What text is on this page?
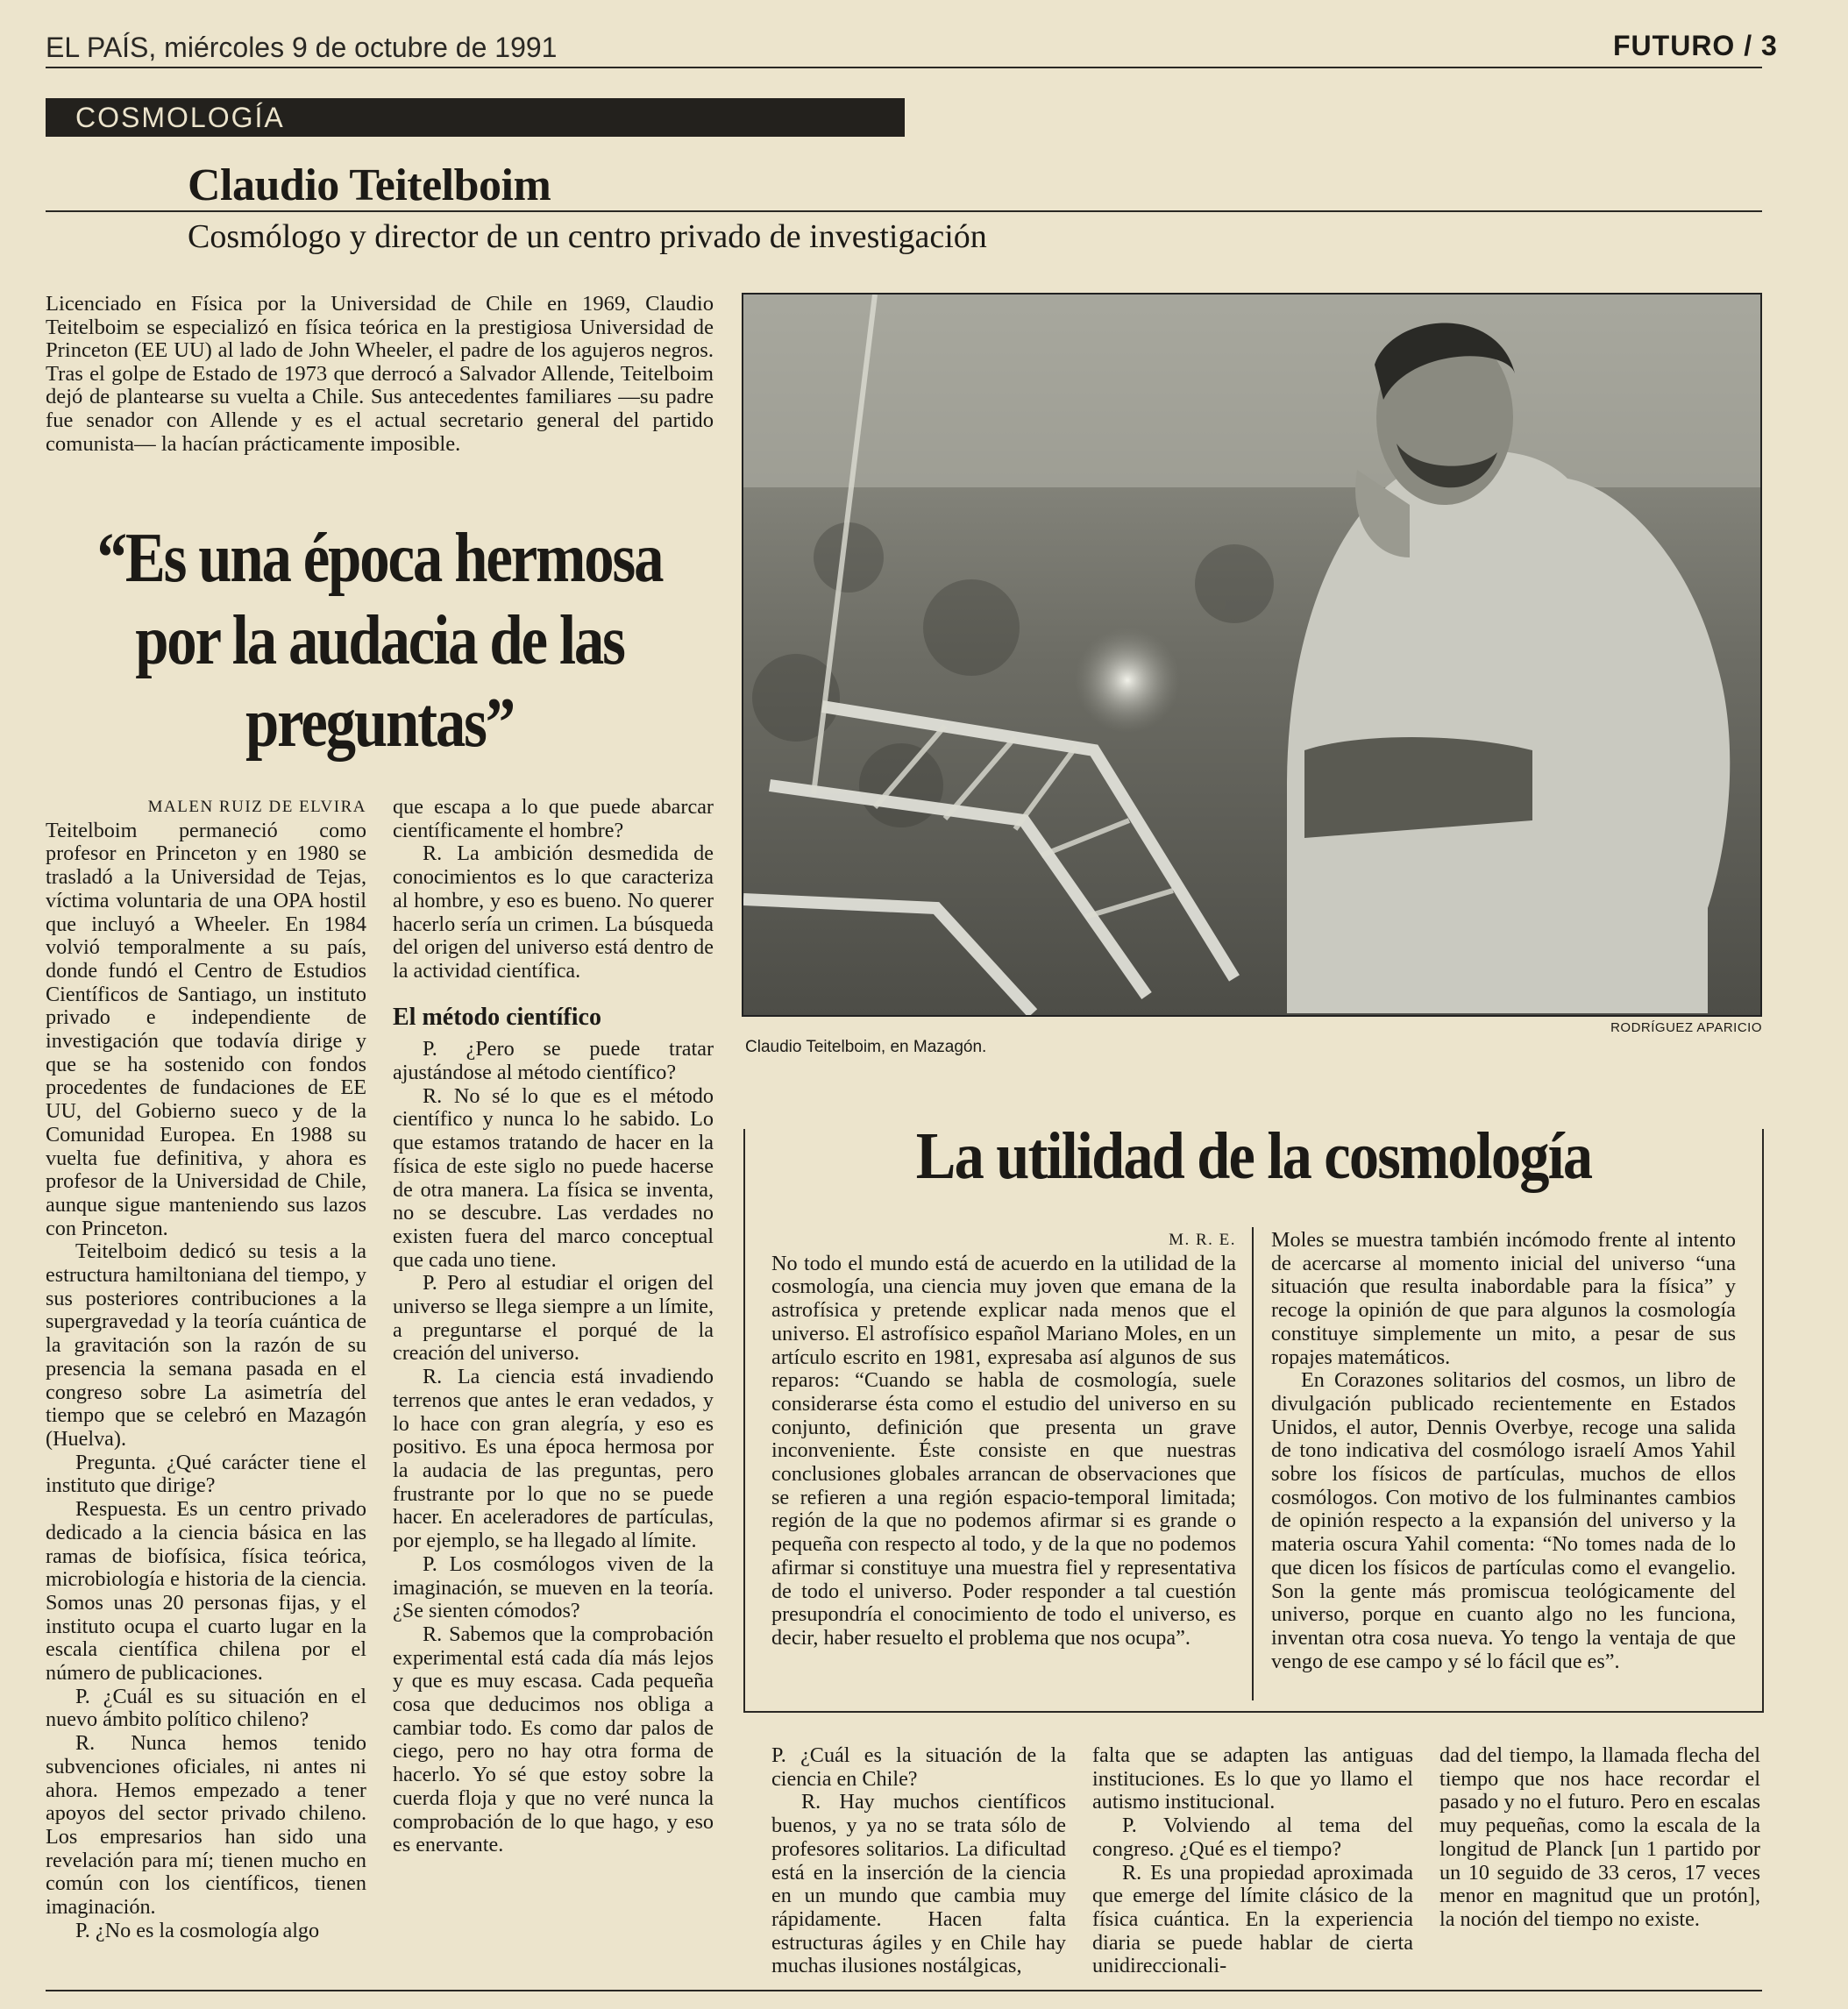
EL PAÍS, miércoles 9 de octubre de 1991	FUTURO / 3

COSMOLOGÍA
Claudio Teitelboim
Cosmólogo y director de un centro privado de investigación
Licenciado en Física por la Universidad de Chile en 1969, Claudio Teitelboim se especializó en física teórica en la prestigiosa Universidad de Princeton (EE UU) al lado de John Wheeler, el padre de los agujeros negros. Tras el golpe de Estado de 1973 que derrocó a Salvador Allende, Teitelboim dejó de plantearse su vuelta a Chile. Sus antecedentes familiares —su padre fue senador con Allende y es el actual secretario general del partido comunista— la hacían prácticamente imposible.
“Es una época hermosa por la audacia de las preguntas”

MALEN RUIZ DE ELVIRA

Teitelboim permaneció como profesor en Princeton y en 1980 se trasladó a la Universidad de Tejas, víctima voluntaria de una OPA hostil que incluyó a Wheeler. En 1984 volvió temporalmente a su país, donde fundó el Centro de Estudios Científicos de Santiago, un instituto privado e independiente de investigación que todavía dirige y que se ha sostenido con fondos procedentes de fundaciones de EE UU, del Gobierno sueco y de la Comunidad Europea. En 1988 su vuelta fue definitiva, y ahora es profesor de la Universidad de Chile, aunque sigue manteniendo sus lazos con Princeton.

Teitelboim dedicó su tesis a la estructura hamiltoniana del tiempo, y sus posteriores contribuciones a la supergravedad y la teoría cuántica de la gravitación son la razón de su presencia la semana pasada en el congreso sobre La asimetría del tiempo que se celebró en Mazagón (Huelva).

Pregunta. ¿Qué carácter tiene el instituto que dirige?

Respuesta. Es un centro privado dedicado a la ciencia básica en las ramas de biofísica, física teórica, microbiología e historia de la ciencia. Somos unas 20 personas fijas, y el instituto ocupa el cuarto lugar en la escala científica chilena por el número de publicaciones.

P. ¿Cuál es su situación en el nuevo ámbito político chileno?

R. Nunca hemos tenido subvenciones oficiales, ni antes ni ahora. Hemos empezado a tener apoyos del sector privado chileno. Los empresarios han sido una revelación para mí; tienen mucho en común con los científicos, tienen imaginación.

P. ¿No es la cosmología algo

que escapa a lo que puede abarcar científicamente el hombre?

R. La ambición desmedida de conocimientos es lo que caracteriza al hombre, y eso es bueno. No querer hacerlo sería un crimen. La búsqueda del origen del universo está dentro de la actividad científica.

El método científico

P. ¿Pero se puede tratar ajustándose al método científico?

R. No sé lo que es el método científico y nunca lo he sabido. Lo que estamos tratando de hacer en la física de este siglo no puede hacerse de otra manera. La física se inventa, no se descubre. Las verdades no existen fuera del marco conceptual que cada uno tiene.

P. Pero al estudiar el origen del universo se llega siempre a un límite, a preguntarse el porqué de la creación del universo.

R. La ciencia está invadiendo terrenos que antes le eran vedados, y lo hace con gran alegría, y eso es positivo. Es una época hermosa por la audacia de las preguntas, pero frustrante por lo que no se puede hacer. En aceleradores de partículas, por ejemplo, se ha llegado al límite.

P. Los cosmólogos viven de la imaginación, se mueven en la teoría. ¿Se sienten cómodos?

R. Sabemos que la comprobación experimental está cada día más lejos y que es muy escasa. Cada pequeña cosa que deducimos nos obliga a cambiar todo. Es como dar palos de ciego, pero no hay otra forma de hacerlo. Yo sé que estoy sobre la cuerda floja y que no veré nunca la comprobación de lo que hago, y eso es enervante.

RODRÍGUEZ APARICIO
Claudio Teitelboim, en Mazagón.
La utilidad de la cosmología

M. R. E.

No todo el mundo está de acuerdo en la utilidad de la cosmología, una ciencia muy joven que emana de la astrofísica y pretende explicar nada menos que el universo. El astrofísico español Mariano Moles, en un artículo escrito en 1981, expresaba así algunos de sus reparos: “Cuando se habla de cosmología, suele considerarse ésta como el estudio del universo en su conjunto, definición que presenta un grave inconveniente. Éste consiste en que nuestras conclusiones globales arrancan de observaciones que se refieren a una región espacio-temporal limitada; región de la que no podemos afirmar si es grande o pequeña con respecto al todo, y de la que no podemos afirmar si constituye una muestra fiel y representativa de todo el universo. Poder responder a tal cuestión presupondría el conocimiento de todo el universo, es decir, haber resuelto el problema que nos ocupa”.

Moles se muestra también incómodo frente al intento de acercarse al momento inicial del universo “una situación que resulta inabordable para la física” y recoge la opinión de que para algunos la cosmología constituye simplemente un mito, a pesar de sus ropajes matemáticos.

En Corazones solitarios del cosmos, un libro de divulgación publicado recientemente en Estados Unidos, el autor, Dennis Overbye, recoge una salida de tono indicativa del cosmólogo israelí Amos Yahil sobre los físicos de partículas, muchos de ellos cosmólogos. Con motivo de los fulminantes cambios de opinión respecto a la expansión del universo y la materia oscura Yahil comenta: “No tomes nada de lo que dicen los físicos de partículas como el evangelio. Son la gente más promiscua teológicamente del universo, porque en cuanto algo no les funciona, inventan otra cosa nueva. Yo tengo la ventaja de que vengo de ese campo y sé lo fácil que es”.

P. ¿Cuál es la situación de la ciencia en Chile?

R. Hay muchos científicos buenos, y ya no se trata sólo de profesores solitarios. La dificultad está en la inserción de la ciencia en un mundo que cambia muy rápidamente. Hacen falta estructuras ágiles y en Chile hay muchas ilusiones nostálgicas,

falta que se adapten las antiguas instituciones. Es lo que yo llamo el autismo institucional.

P. Volviendo al tema del congreso. ¿Qué es el tiempo?

R. Es una propiedad aproximada que emerge del límite clásico de la física cuántica. En la experiencia diaria se puede hablar de cierta unidireccionali-

dad del tiempo, la llamada flecha del tiempo que nos hace recordar el pasado y no el futuro. Pero en escalas muy pequeñas, como la escala de la longitud de Planck [un 1 partido por un 10 seguido de 33 ceros, 17 veces menor en magnitud que un protón], la noción del tiempo no existe.
